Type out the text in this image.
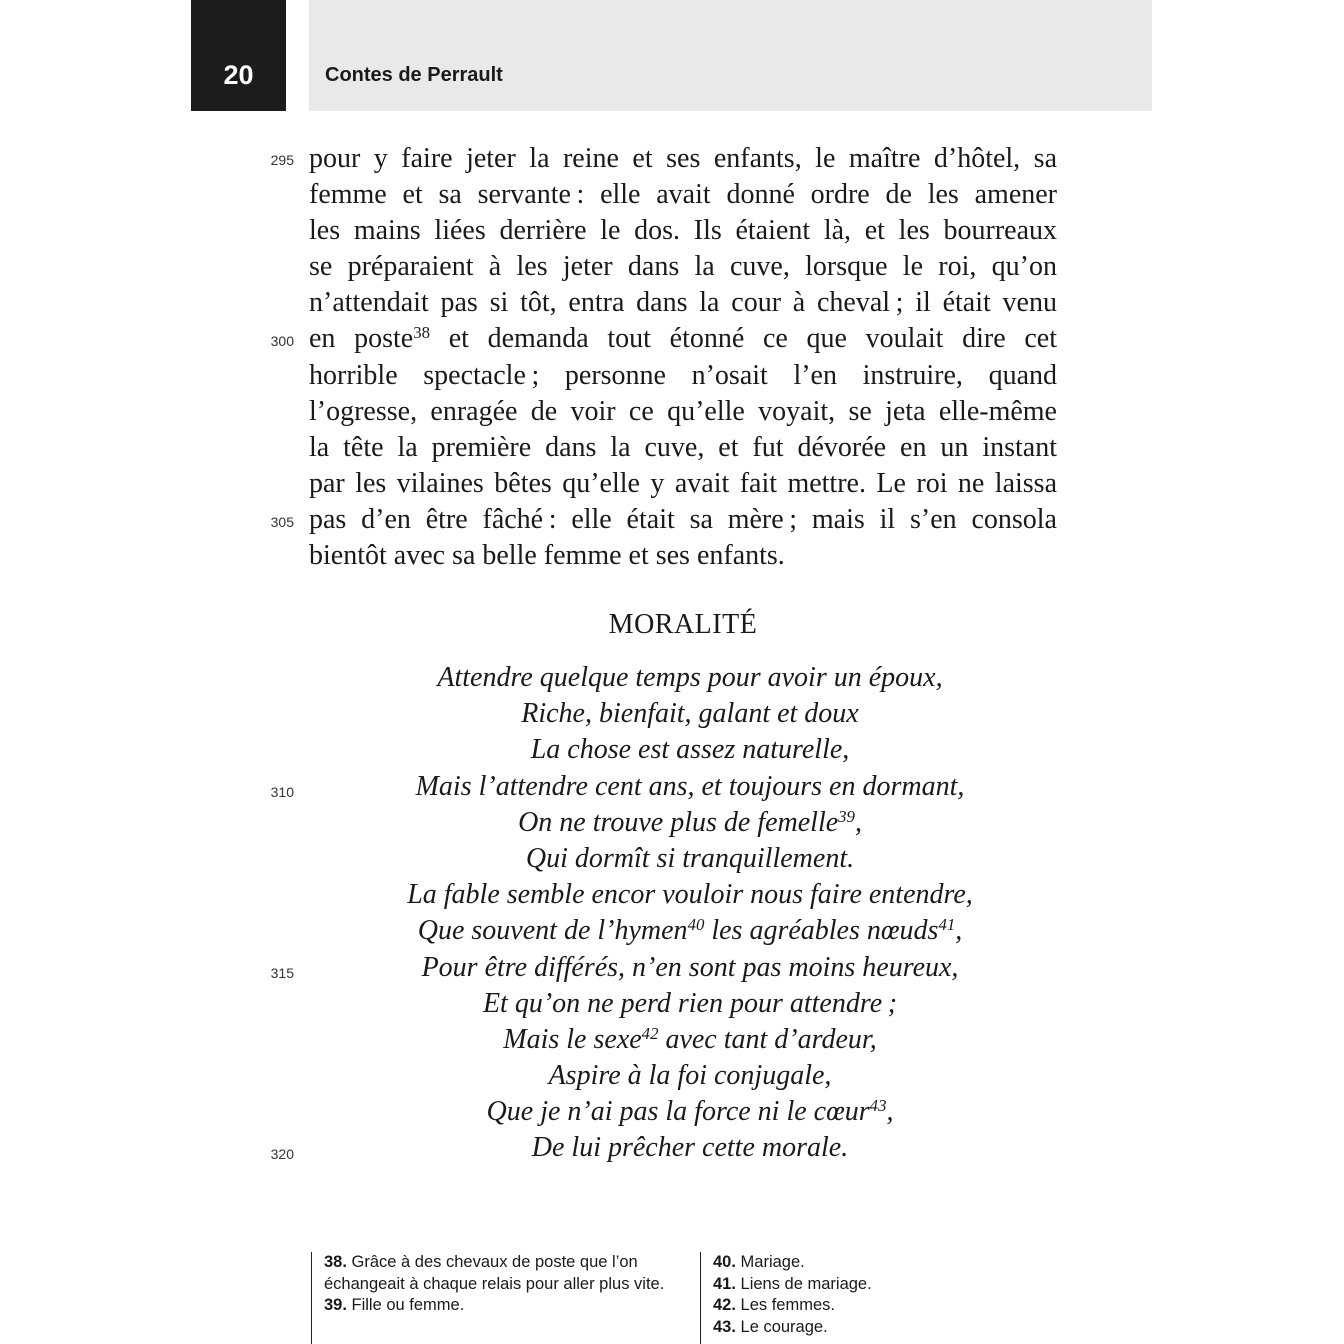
20	Contes de Perrault
295
300
305
pour y faire jeter la reine et ses enfants, le maître d’hôtel, sa
femme et sa servante : elle avait donné ordre de les amener
les mains liées derrière le dos. Ils étaient là, et les bourreaux
se préparaient à les jeter dans la cuve, lorsque le roi, qu’on
n’attendait pas si tôt, entra dans la cour à cheval ; il était venu
en poste$^{38}$ et demanda tout étonné ce que voulait dire cet
horrible spectacle ; personne n’osait l’en instruire, quand
l’ogresse, enragée de voir ce qu’elle voyait, se jeta elle-même
la tête la première dans la cuve, et fut dévorée en un instant
par les vilaines bêtes qu’elle y avait fait mettre. Le roi ne laissa
pas d’en être fâché : elle était sa mère ; mais il s’en consola
bientôt avec sa belle femme et ses enfants.
MORALITÉ
310
315
320
Attendre quelque temps pour avoir un époux,
Riche, bienfait, galant et doux
La chose est assez naturelle,
Mais l’attendre cent ans, et toujours en dormant,
On ne trouve plus de femelle$^{39}$,
Qui dormît si tranquillement.
La fable semble encor vouloir nous faire entendre,
Que souvent de l’hymen$^{40}$ les agréables nœuds$^{41}$,
Pour être différés, n’en sont pas moins heureux,
Et qu’on ne perd rien pour attendre ;
Mais le sexe$^{42}$ avec tant d’ardeur,
Aspire à la foi conjugale,
Que je n’ai pas la force ni le cœur$^{43}$,
De lui prêcher cette morale.
38. Grâce à des chevaux de poste que l’on échangeait à chaque relais pour aller plus vite.
39. Fille ou femme.
40. Mariage.
41. Liens de mariage.
42. Les femmes.
43. Le courage.
